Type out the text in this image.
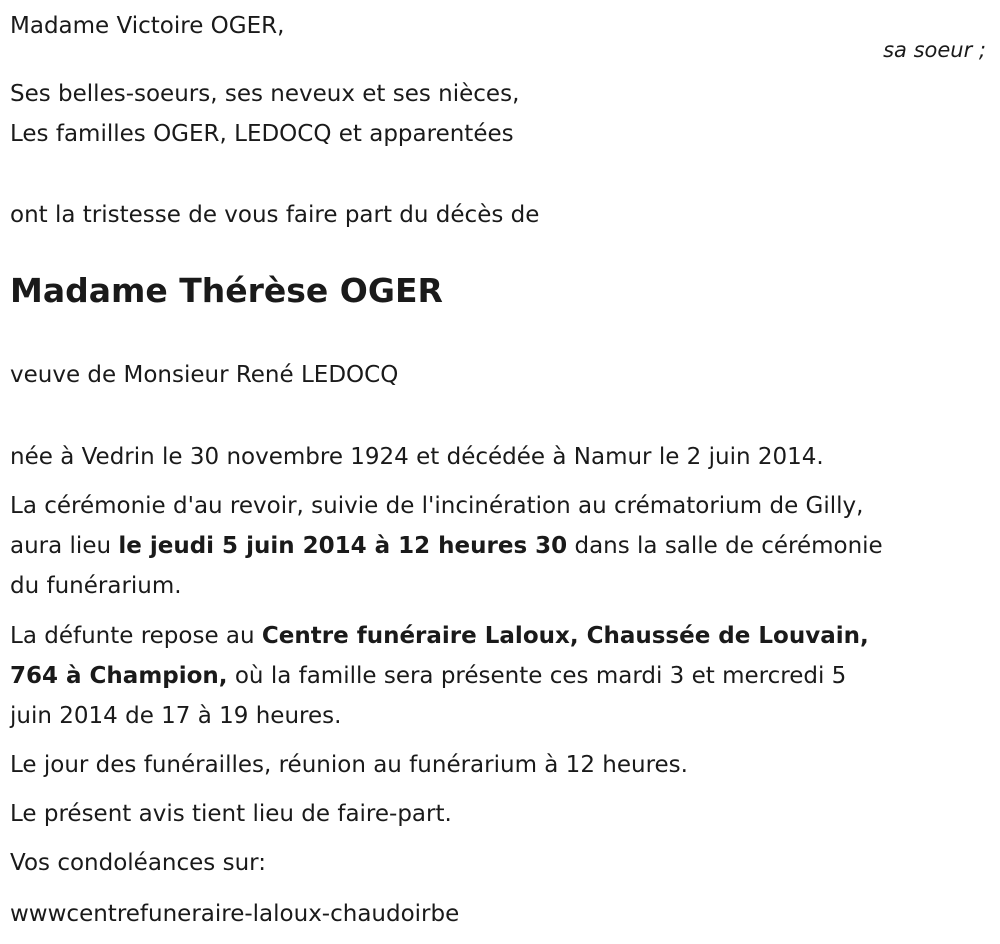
sa soeur ;

Madame Victoire OGER,

Ses belles-soeurs, ses neveux et ses nièces,

Les familles OGER, LEDOCQ et apparentées

ont la tristesse de vous faire part du décès de

Madame Thérèse OGER

veuve de Monsieur René LEDOCQ

née à Vedrin le 30 novembre 1924 et décédée à Namur le 2 juin 2014.

La cérémonie d'au revoir, suivie de l'incinération au crématorium de Gilly,
aura lieu le jeudi 5 juin 2014 à 12 heures 30 dans la salle de cérémonie
du funérarium.
La défunte repose au Centre funéraire Laloux, Chaussée de Louvain,
764 à Champion, où la famille sera présente ces mardi 3 et mercredi 5
juin 2014 de 17 à 19 heures.

Le jour des funérailles, réunion au funérarium à 12 heures.

Le présent avis tient lieu de faire-part.

Vos condoléances sur:

wwwcentrefuneraire-laloux-chaudoirbe
